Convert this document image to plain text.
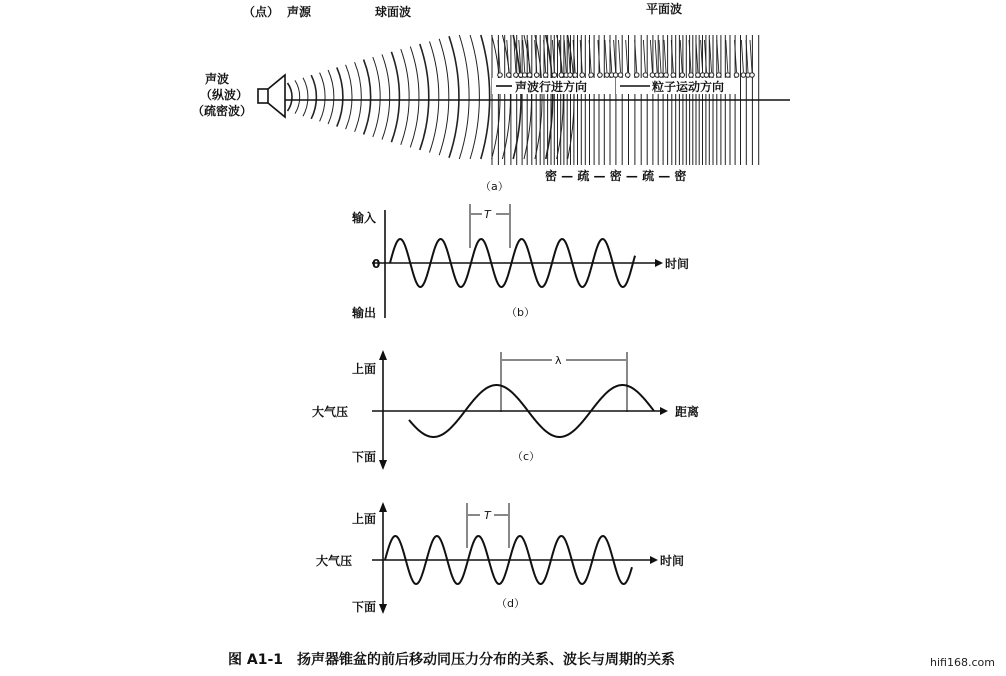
（点） 声源	球面波	平面波
声波
（纵波）
（疏密波）
声波行进方向	粒子运动方向
（a）
密 — 疏 — 密 — 疏 — 密
T
输入
0
输出
时间
（b）
λ
上面
大气压
下面
距离
（c）
T
上面
大气压
下面
时间
（d）
图 A1-1　扬声器锥盆的前后移动同压力分布的关系、波长与周期的关系	hifi168.com
